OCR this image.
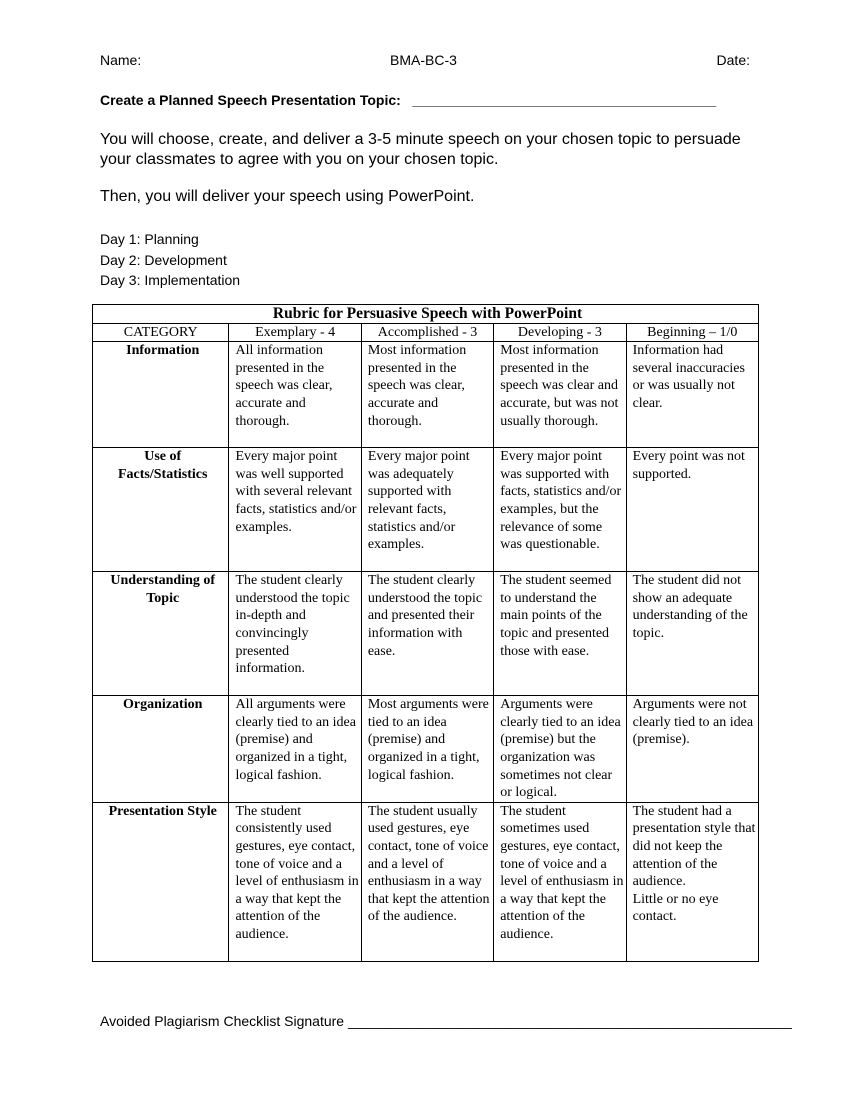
Name:	BMA-BC-3	Date:
Create a Planned Speech Presentation Topic:   _______________________________________

You will choose, create, and deliver a 3-5 minute speech on your chosen topic to persuade your classmates to agree with you on your chosen topic.

Then, you will deliver your speech using PowerPoint.

Day 1: Planning
Day 2: Development
Day 3: Implementation
Rubric for Persuasive Speech with PowerPoint				
CATEGORY	Exemplary - 4	Accomplished - 3	Developing - 3	Beginning – 1/0
Information	All information presented in the speech was clear, accurate and thorough.	Most information presented in the speech was clear, accurate and thorough.	Most information presented in the speech was clear and accurate, but was not usually thorough.	Information had several inaccuracies or was usually not clear.
Use of Facts/Statistics	Every major point was well supported with several relevant facts, statistics and/or examples.	Every major point was adequately supported with relevant facts, statistics and/or examples.	Every major point was supported with facts, statistics and/or examples, but the relevance of some was questionable.	Every point was not supported.
Understanding of Topic	The student clearly understood the topic in-depth and convincingly presented information.	The student clearly understood the topic and presented their information with ease.	The student seemed to understand the main points of the topic and presented those with ease.	The student did not show an adequate understanding of the topic.
Organization	All arguments were clearly tied to an idea (premise) and organized in a tight, logical fashion.	Most arguments were tied to an idea (premise) and organized in a tight, logical fashion.	Arguments were clearly tied to an idea (premise) but the organization was sometimes not clear or logical.	Arguments were not clearly tied to an idea (premise).
Presentation Style	The student consistently used gestures, eye contact, tone of voice and a level of enthusiasm in a way that kept the attention of the audience.	The student usually used gestures, eye contact, tone of voice and a level of enthusiasm in a way that kept the attention of the audience.	The student sometimes used gestures, eye contact, tone of voice and a level of enthusiasm in a way that kept the attention of the audience.	The student had a presentation style that did not keep the attention of the audience.
Little or no eye contact.
Avoided Plagiarism Checklist Signature _________________________________________________________
